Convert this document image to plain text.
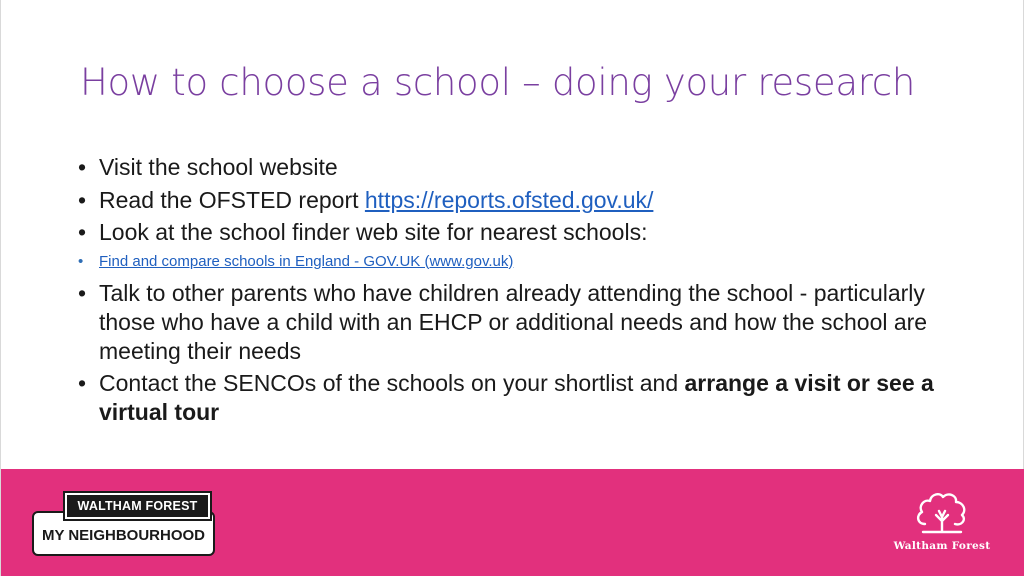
How to choose a school – doing your research
• Visit the school website
• Read the OFSTED report https://reports.ofsted.gov.uk/
• Look at the school finder web site for nearest schools:
• Find and compare schools in England - GOV.UK (www.gov.uk)
• Talk to other parents who have children already attending the school - particularly those who have a child with an EHCP or additional needs and how the school are meeting their needs
• Contact the SENCOs of the schools on your shortlist and arrange a visit or see a virtual tour
MY NEIGHBOURHOOD
WALTHAM FOREST
Waltham Forest
